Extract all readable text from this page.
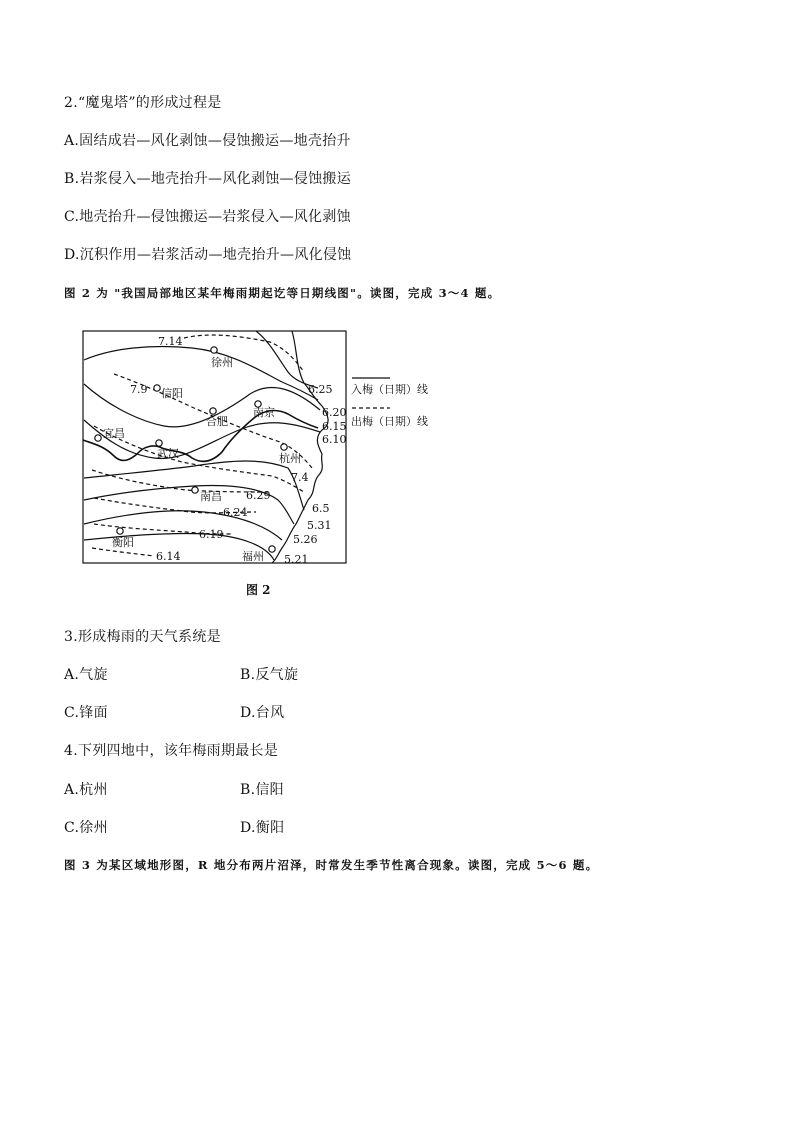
2.“魔鬼塔”的形成过程是
A.固结成岩—风化剥蚀—侵蚀搬运—地壳抬升
B.岩浆侵入—地壳抬升—风化剥蚀—侵蚀搬运
C.地壳抬升—侵蚀搬运—岩浆侵入—风化剥蚀
D.沉积作用—岩浆活动—地壳抬升—风化侵蚀
图 2 为 "我国局部地区某年梅雨期起讫等日期线图"。读图，完成 3～4 题。
徐州
信阳
合肥
南京
宜昌
武汉	杭州
南昌
衡阳
福州
7.14
7.9	6.25
6.20
6.15
6.10
7.4
6.29
6.24
6.19
6.14
6.5
5.31
5.26
5.21
入梅（日期）线
出梅（日期）线
图 2
3.形成梅雨的天气系统是
A.气旋	B.反气旋
C.锋面	D.台风
4.下列四地中，该年梅雨期最长是
A.杭州	B.信阳
C.徐州	D.衡阳
图 3 为某区域地形图，R 地分布两片沼泽，时常发生季节性离合现象。读图，完成 5～6 题。
